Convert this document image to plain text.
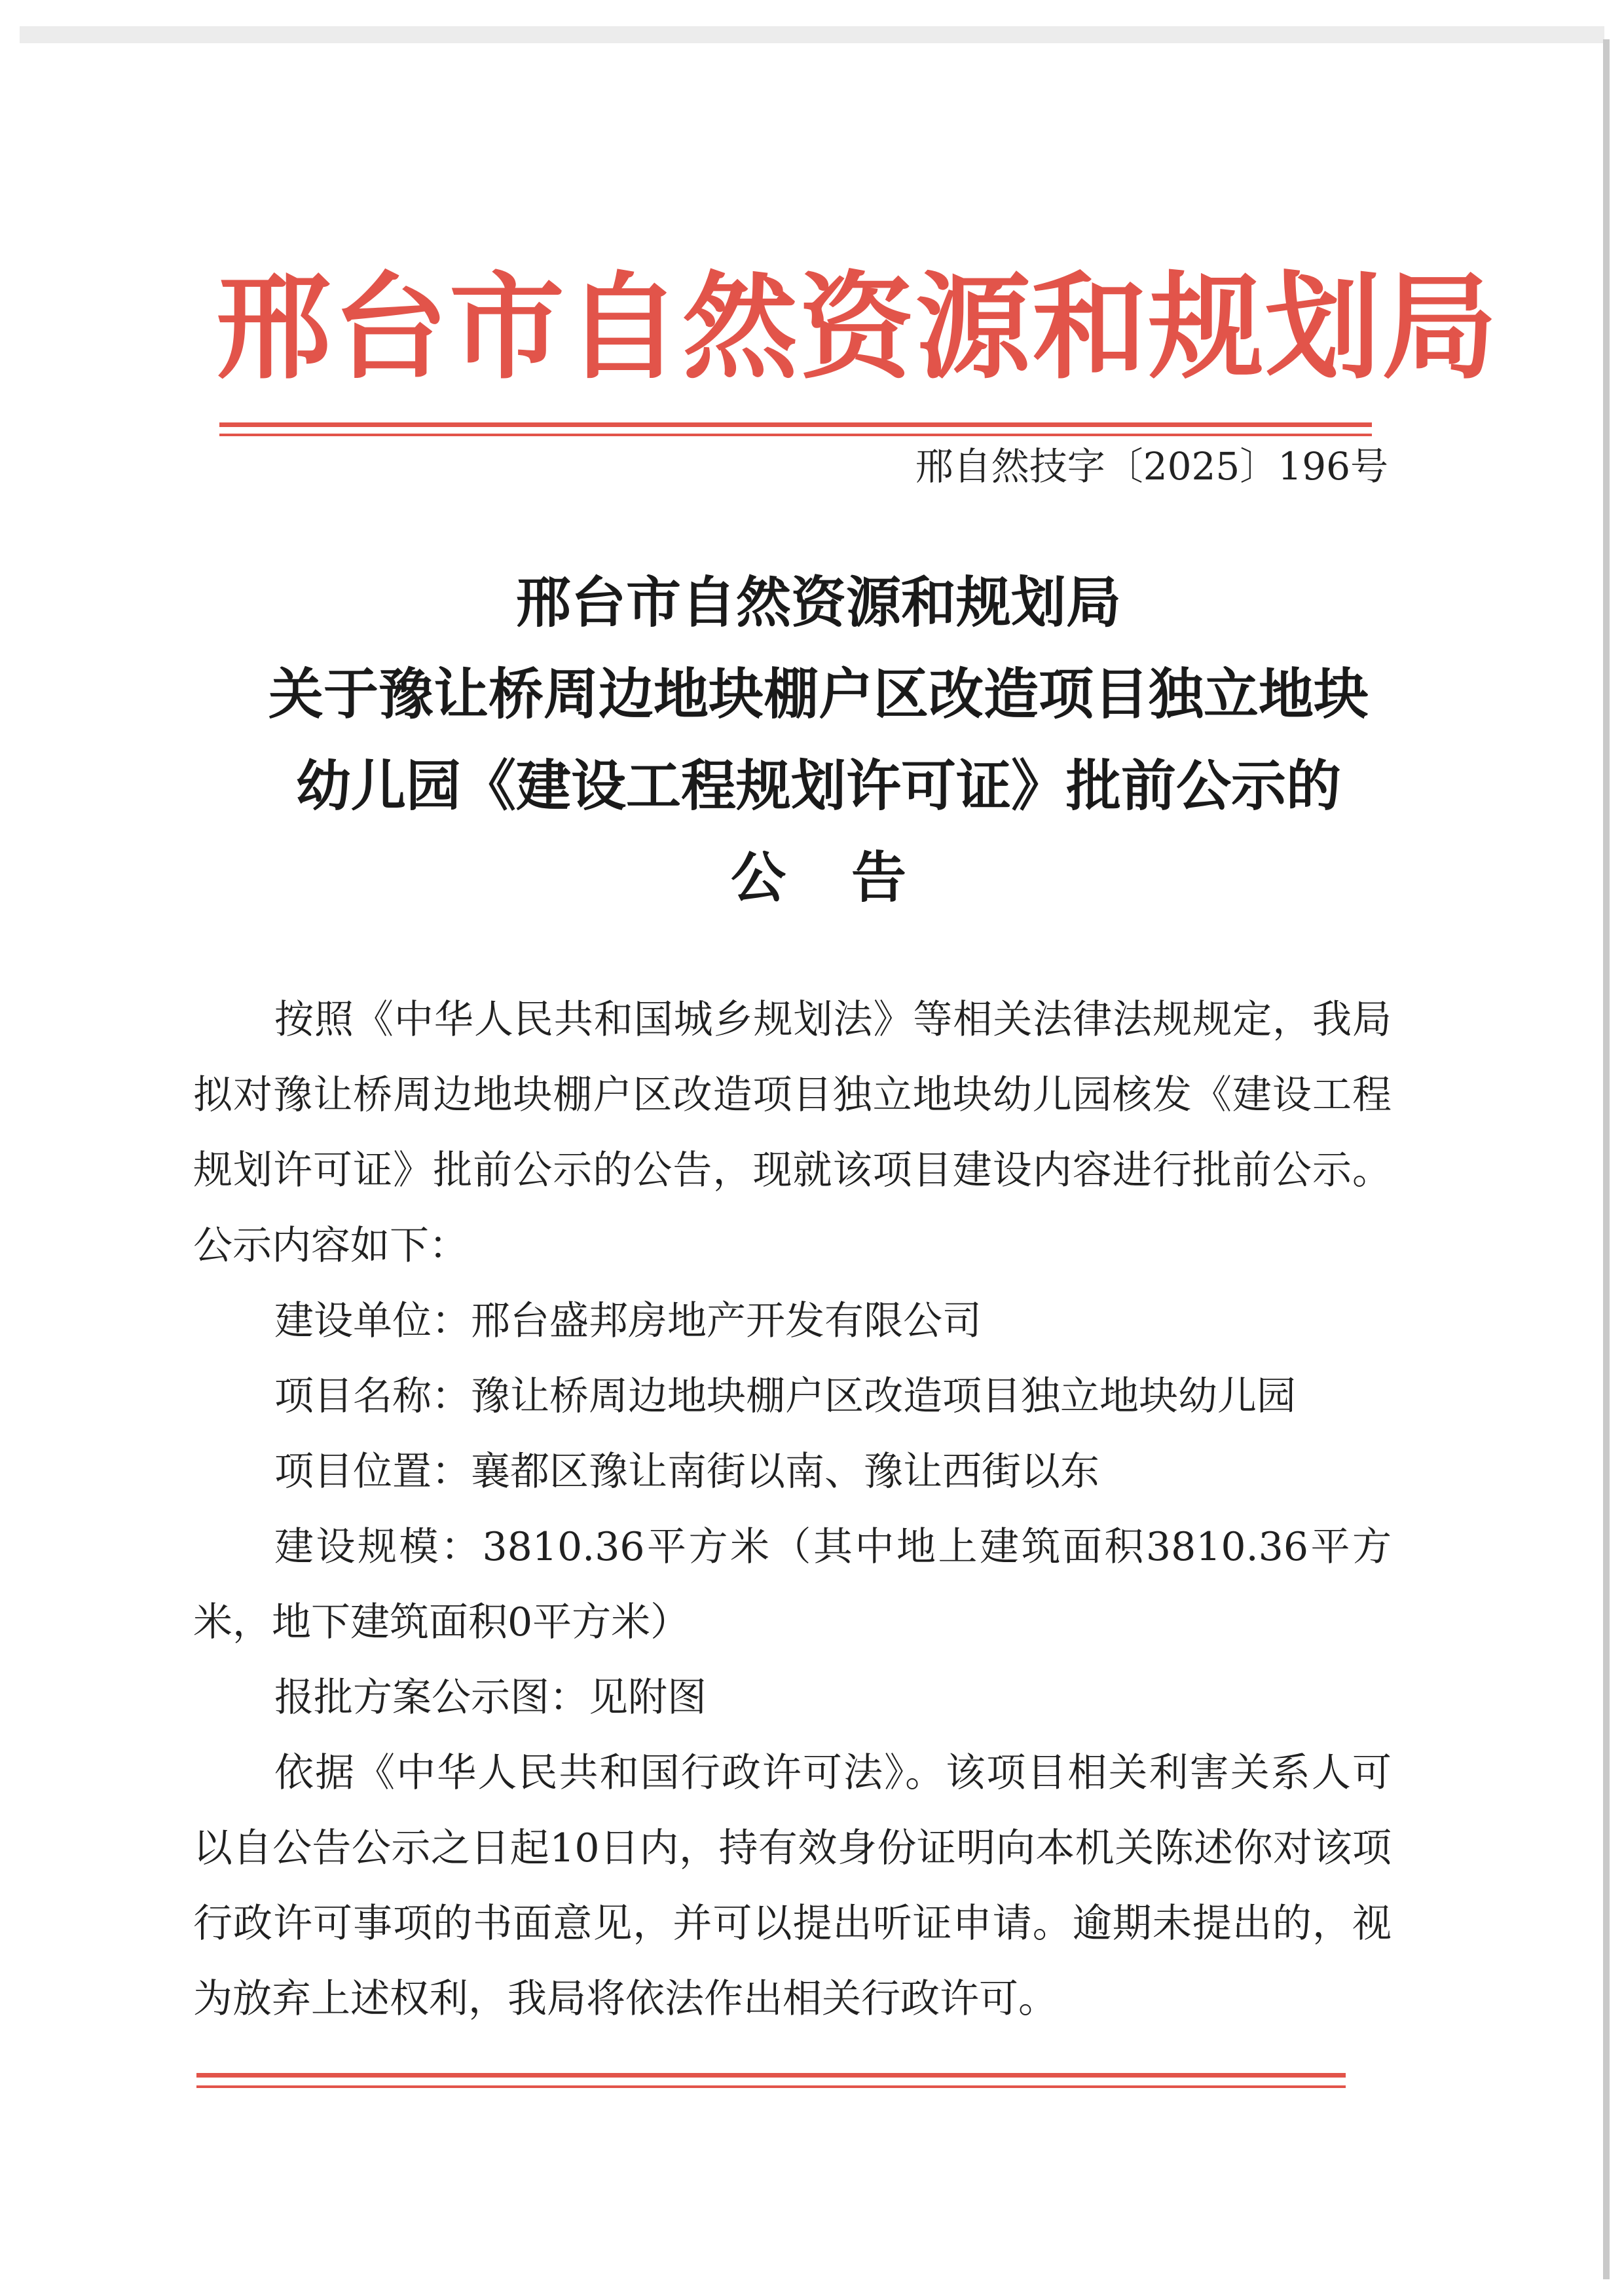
邢台市自然资源和规划局
邢自然技字〔2025〕196号
邢台市自然资源和规划局
关于豫让桥周边地块棚户区改造项目独立地块
幼儿园《建设工程规划许可证》批前公示的
公告

按照《中华人民共和国城乡规划法》等相关法律法规规定，我局拟对豫让桥周边地块棚户区改造项目独立地块幼儿园核发《建设工程规划许可证》批前公示的公告，现就该项目建设内容进行批前公示。公示内容如下：

建设单位：邢台盛邦房地产开发有限公司

项目名称：豫让桥周边地块棚户区改造项目独立地块幼儿园

项目位置：襄都区豫让南街以南、豫让西街以东

建设规模：3810.36平方米（其中地上建筑面积3810.36平方米，地下建筑面积0平方米）

报批方案公示图：见附图

依据《中华人民共和国行政许可法》。该项目相关利害关系人可以自公告公示之日起10日内，持有效身份证明向本机关陈述你对该项行政许可事项的书面意见，并可以提出听证申请。逾期未提出的，视为放弃上述权利，我局将依法作出相关行政许可。
